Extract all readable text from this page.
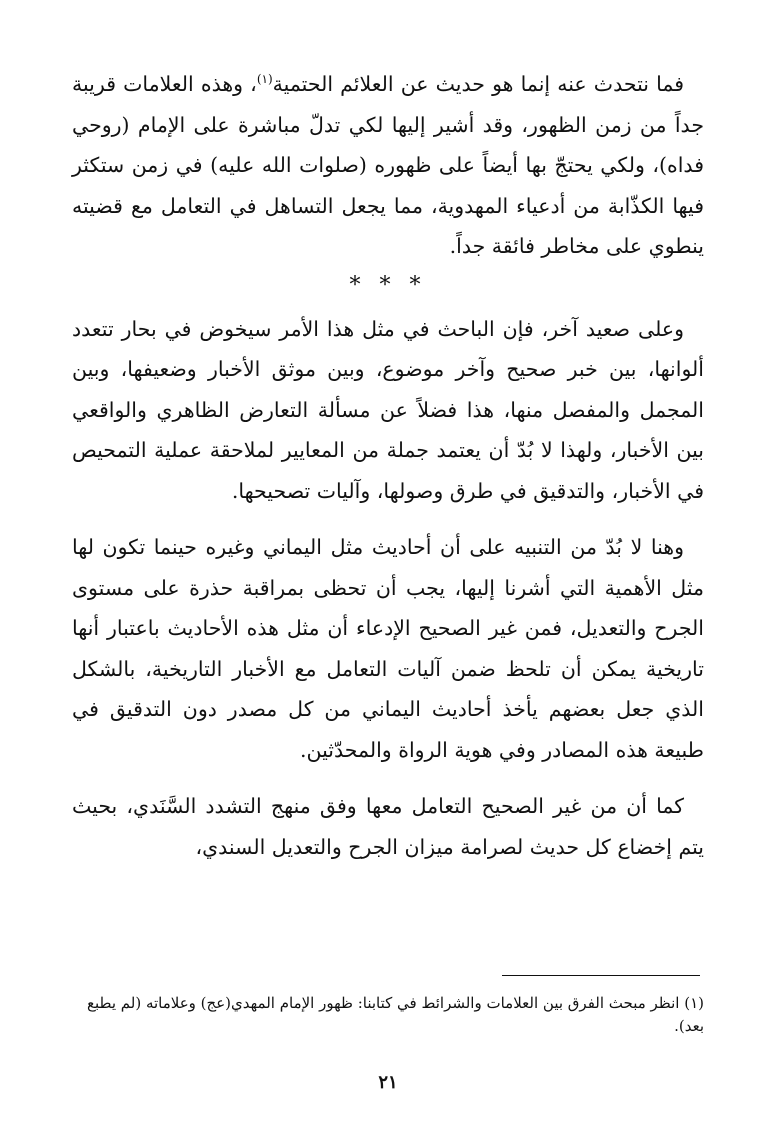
فما نتحدث عنه إنما هو حديث عن العلائم الحتمية$^{(١)}$، وهذه العلامات قريبة جداً من زمن الظهور، وقد أشير إليها لكي تدلّ مباشرة على الإمام (روحي فداه)، ولكي يحتجّ بها أيضاً على ظهوره (صلوات الله عليه) في زمن ستكثر فيها الكذّابة من أدعياء المهدوية، مما يجعل التساهل في التعامل مع قضيته ينطوي على مخاطر فائقة جداً.

* * *

وعلى صعيد آخر، فإن الباحث في مثل هذا الأمر سيخوض في بحار تتعدد ألوانها، بين خبر صحيح وآخر موضوع، وبين موثق الأخبار وضعيفها، وبين المجمل والمفصل منها، هذا فضلاً عن مسألة التعارض الظاهري والواقعي بين الأخبار، ولهذا لا بُدّ أن يعتمد جملة من المعايير لملاحقة عملية التمحيص في الأخبار، والتدقيق في طرق وصولها، وآليات تصحيحها.

وهنا لا بُدّ من التنبيه على أن أحاديث مثل اليماني وغيره حينما تكون لها مثل الأهمية التي أشرنا إليها، يجب أن تحظى بمراقبة حذرة على مستوى الجرح والتعديل، فمن غير الصحيح الإدعاء أن مثل هذه الأحاديث باعتبار أنها تاريخية يمكن أن تلحظ ضمن آليات التعامل مع الأخبار التاريخية، بالشكل الذي جعل بعضهم يأخذ أحاديث اليماني من كل مصدر دون التدقيق في طبيعة هذه المصادر وفي هوية الرواة والمحدّثين.

كما أن من غير الصحيح التعامل معها وفق منهج التشدد السَّنَدي، بحيث يتم إخضاع كل حديث لصرامة ميزان الجرح والتعديل السندي،

(١) انظر مبحث الفرق بين العلامات والشرائط في كتابنا: ظهور الإمام المهدي(عج) وعلاماته (لم يطبع بعد).

٢١
